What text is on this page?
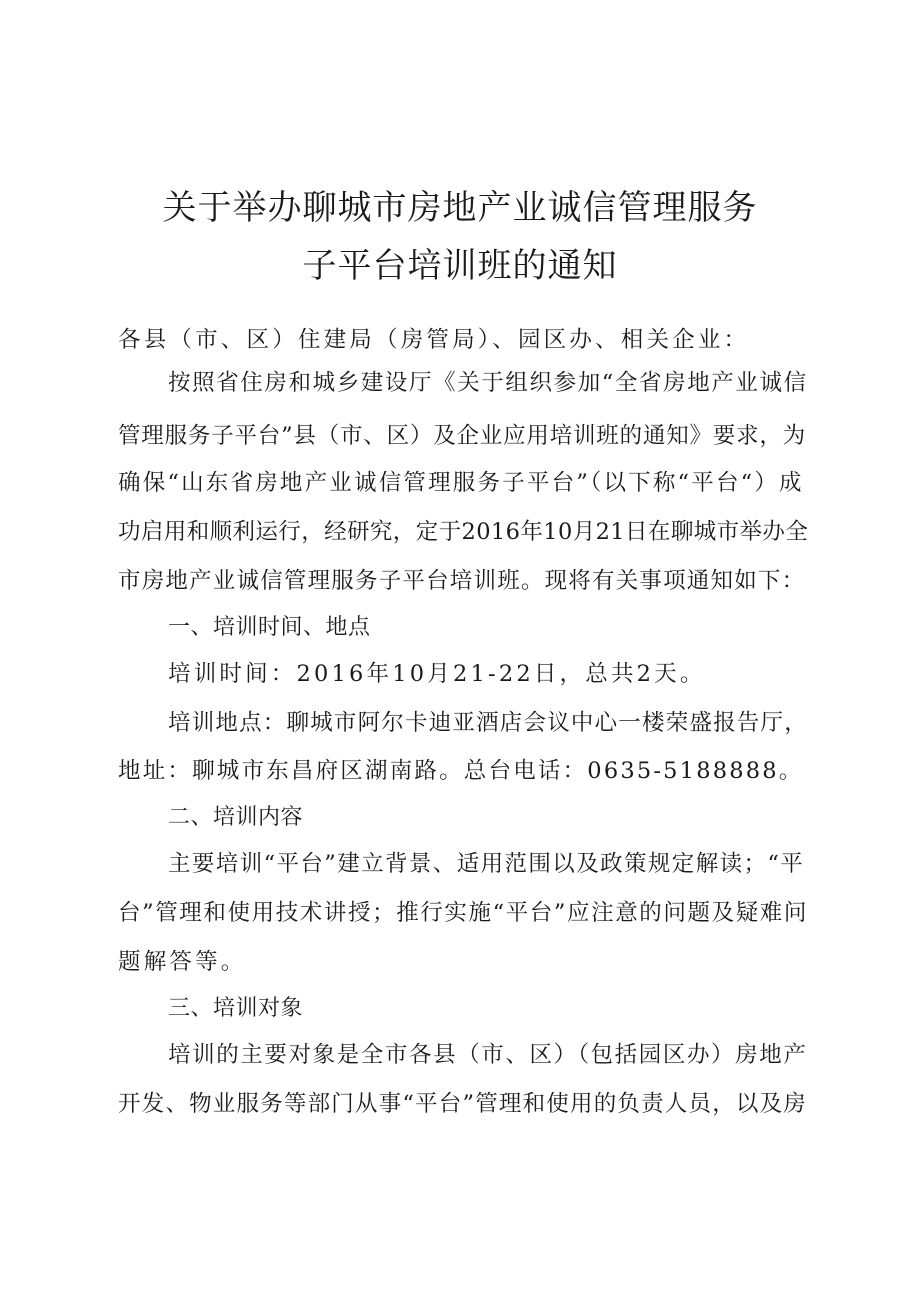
关于举办聊城市房地产业诚信管理服务
子平台培训班的通知
各县（市、区）住建局（房管局）、园区办、相关企业：
按照省住房和城乡建设厅《关于组织参加“全省房地产业诚信
管理服务子平台”县（市、区）及企业应用培训班的通知》要求，为
确保“山东省房地产业诚信管理服务子平台”（以下称“平台“）成
功启用和顺利运行，经研究，定于2016年10月21日在聊城市举办全
市房地产业诚信管理服务子平台培训班。现将有关事项通知如下：
一、培训时间、地点
培训时间：2016年10月21-22日，总共2天。
培训地点：聊城市阿尔卡迪亚酒店会议中心一楼荣盛报告厅，
地址：聊城市东昌府区湖南路。总台电话：0635-5188888。
二、培训内容
主要培训“平台”建立背景、适用范围以及政策规定解读；“平
台”管理和使用技术讲授；推行实施“平台”应注意的问题及疑难问
题解答等。
三、培训对象
培训的主要对象是全市各县（市、区）（包括园区办）房地产
开发、物业服务等部门从事“平台”管理和使用的负责人员，以及房
